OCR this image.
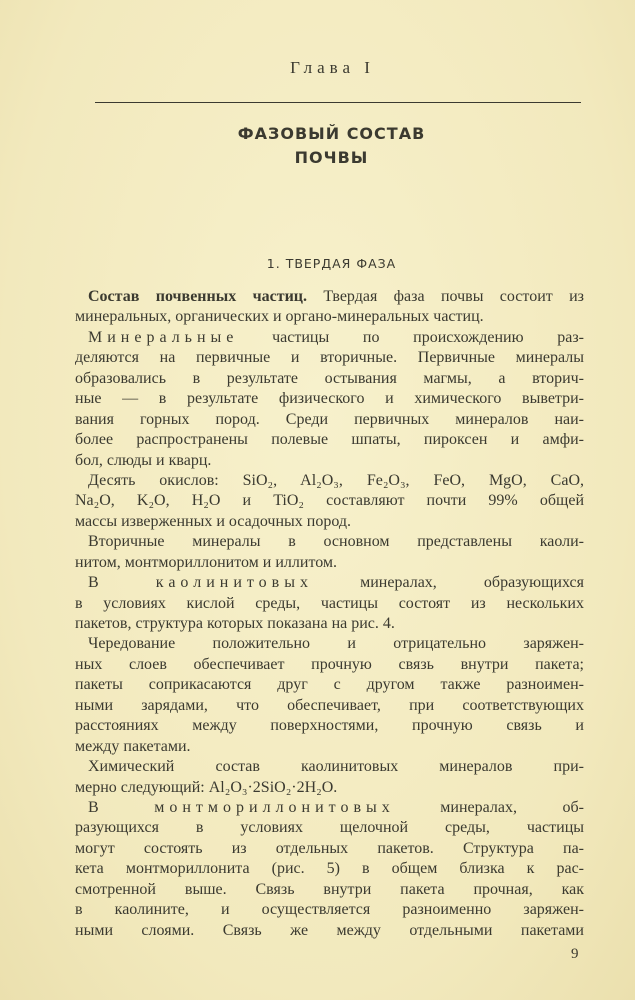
Глава I
ФАЗОВЫЙ СОСТАВ
ПОЧВЫ
1. ТВЕРДАЯ ФАЗА
Состав почвенных частиц. Твердая фаза почвы состоит из
минеральных, органических и органо-минеральных частиц.
Минеральные частицы по происхождению раз-
деляются на первичные и вторичные. Первичные минералы
образовались в результате остывания магмы, а вторич-
ные — в результате физического и химического выветри-
вания горных пород. Среди первичных минералов наи-
более распространены полевые шпаты, пироксен и амфи-
бол, слюды и кварц.
Десять окислов: SiO₂, Al₂O₃, Fe₂O₃, FeO, MgO, CaO,
Na₂O, K₂O, H₂O и TiO₂ составляют почти 99% общей
массы изверженных и осадочных пород.
Вторичные минералы в основном представлены каоли-
нитом, монтмориллонитом и иллитом.
В каолинитовых минералах, образующихся
в условиях кислой среды, частицы состоят из нескольких
пакетов, структура которых показана на рис. 4.
Чередование положительно и отрицательно заряжен-
ных слоев обеспечивает прочную связь внутри пакета;
пакеты соприкасаются друг с другом также разноимен-
ными зарядами, что обеспечивает, при соответствующих
расстояниях между поверхностями, прочную связь и
между пакетами.
Химический состав каолинитовых минералов при-
мерно следующий: Al₂O₃·2SiO₂·2H₂O.
В монтмориллонитовых минералах, об-
разующихся в условиях щелочной среды, частицы
могут состоять из отдельных пакетов. Структура па-
кета монтмориллонита (рис. 5) в общем близка к рас-
смотренной выше. Связь внутри пакета прочная, как
в каолините, и осуществляется разноименно заряжен-
ными слоями. Связь же между отдельными пакетами
9
